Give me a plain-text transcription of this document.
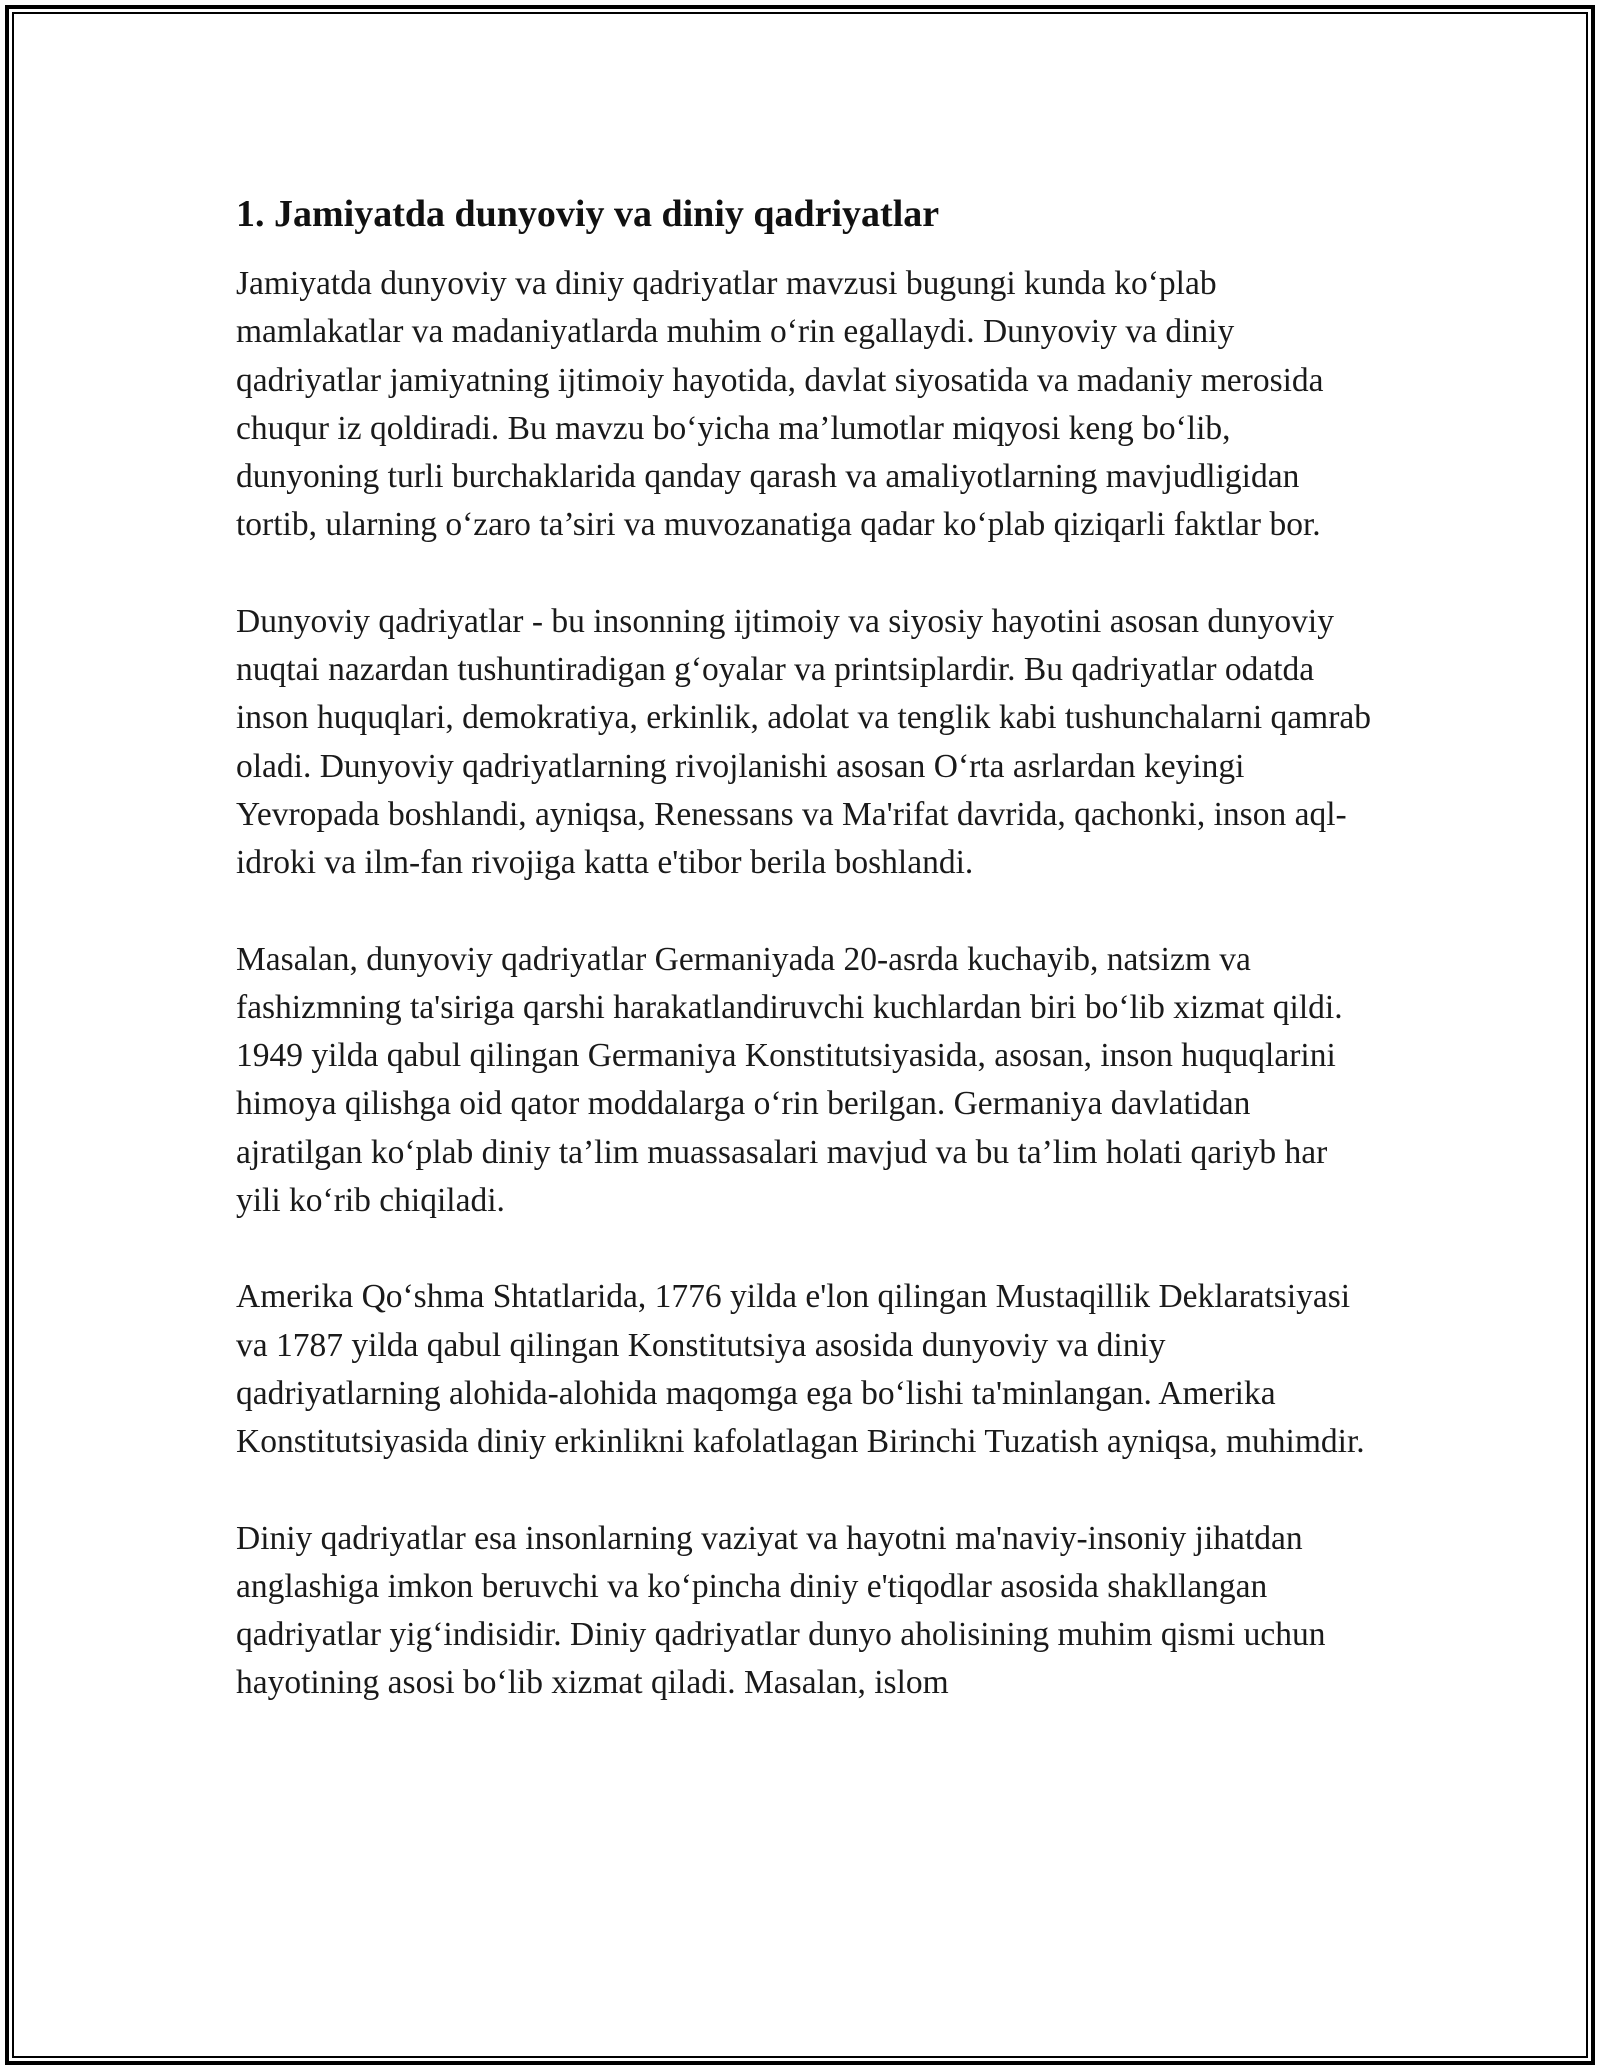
1. Jamiyatda dunyoviy va diniy qadriyatlar

Jamiyatda dunyoviy va diniy qadriyatlar mavzusi bugungi kunda ko‘plab mamlakatlar va madaniyatlarda muhim o‘rin egallaydi. Dunyoviy va diniy qadriyatlar jamiyatning ijtimoiy hayotida, davlat siyosatida va madaniy merosida chuqur iz qoldiradi. Bu mavzu bo‘yicha ma’lumotlar miqyosi keng bo‘lib, dunyoning turli burchaklarida qanday qarash va amaliyotlarning mavjudligidan tortib, ularning o‘zaro ta’siri va muvozanatiga qadar ko‘plab qiziqarli faktlar bor.

Dunyoviy qadriyatlar - bu insonning ijtimoiy va siyosiy hayotini asosan dunyoviy nuqtai nazardan tushuntiradigan g‘oyalar va printsiplardir. Bu qadriyatlar odatda inson huquqlari, demokratiya, erkinlik, adolat va tenglik kabi tushunchalarni qamrab oladi. Dunyoviy qadriyatlarning rivojlanishi asosan O‘rta asrlardan keyingi Yevropada boshlandi, ayniqsa, Renessans va Ma'rifat davrida, qachonki, inson aql-idroki va ilm-fan rivojiga katta e'tibor berila boshlandi.

Masalan, dunyoviy qadriyatlar Germaniyada 20-asrda kuchayib, natsizm va fashizmning ta'siriga qarshi harakatlandiruvchi kuchlardan biri bo‘lib xizmat qildi. 1949 yilda qabul qilingan Germaniya Konstitutsiyasida, asosan, inson huquqlarini himoya qilishga oid qator moddalarga o‘rin berilgan. Germaniya davlatidan ajratilgan ko‘plab diniy ta’lim muassasalari mavjud va bu ta’lim holati qariyb har yili ko‘rib chiqiladi.

Amerika Qo‘shma Shtatlarida, 1776 yilda e'lon qilingan Mustaqillik Deklaratsiyasi va 1787 yilda qabul qilingan Konstitutsiya asosida dunyoviy va diniy qadriyatlarning alohida-alohida maqomga ega bo‘lishi ta'minlangan. Amerika Konstitutsiyasida diniy erkinlikni kafolatlagan Birinchi Tuzatish ayniqsa, muhimdir.

Diniy qadriyatlar esa insonlarning vaziyat va hayotni ma'naviy-insoniy jihatdan anglashiga imkon beruvchi va ko‘pincha diniy e'tiqodlar asosida shakllangan qadriyatlar yig‘indisidir. Diniy qadriyatlar dunyo aholisining muhim qismi uchun hayotining asosi bo‘lib xizmat qiladi. Masalan, islom
